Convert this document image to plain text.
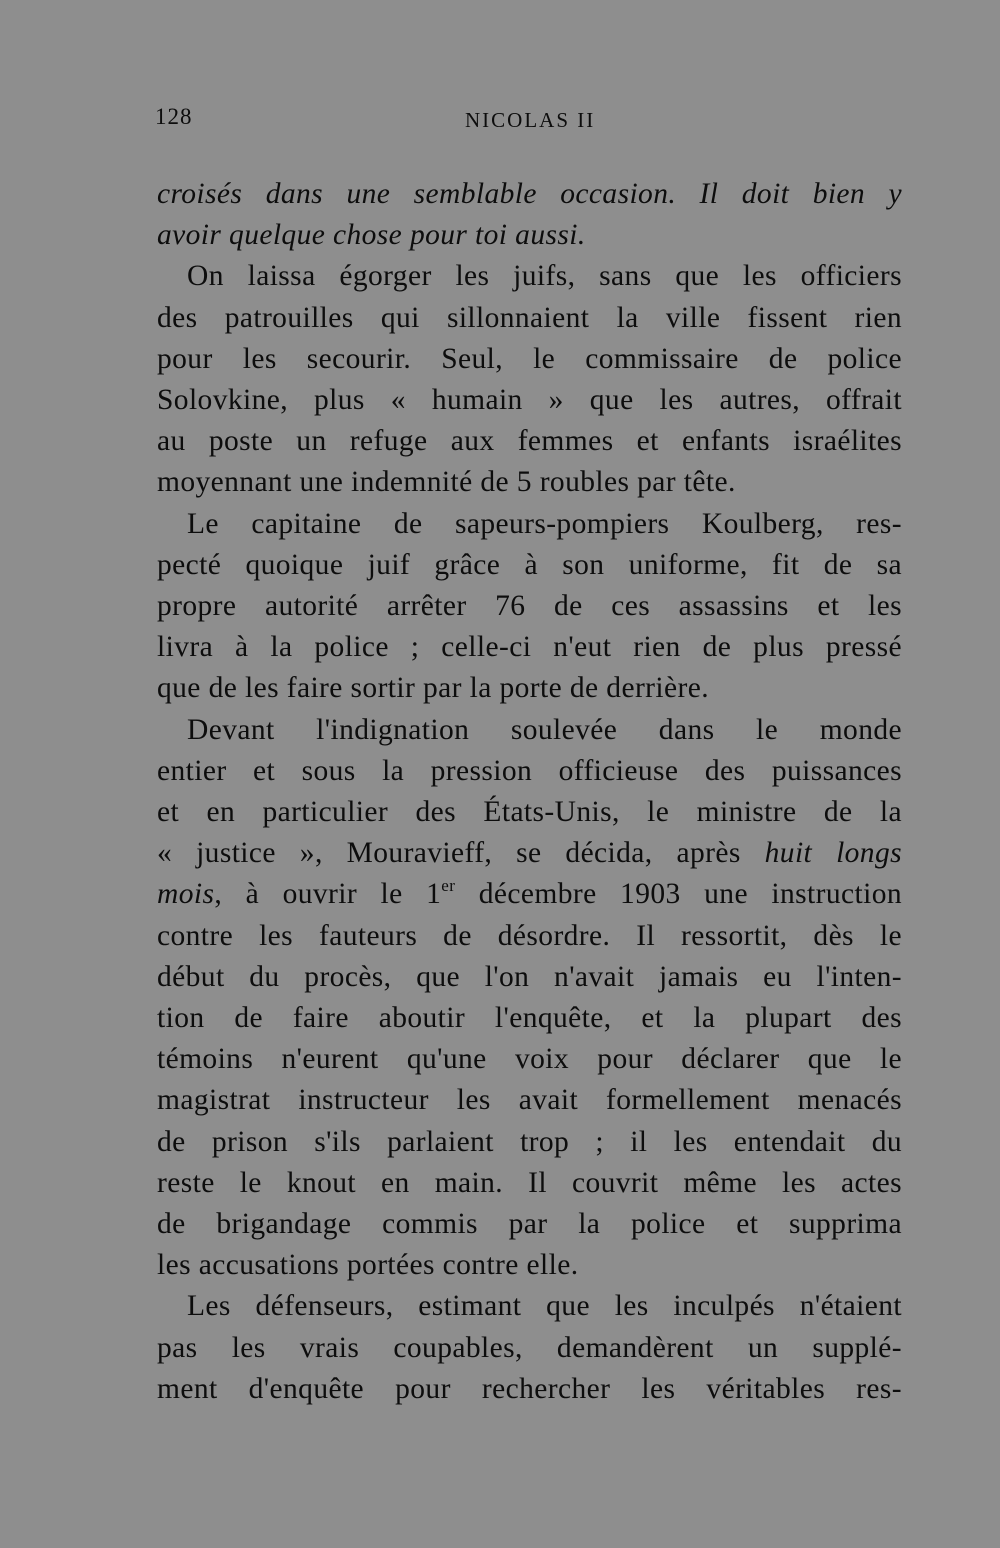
128	NICOLAS II
croisés dans une semblable occasion. Il doit bien y
avoir quelque chose pour toi aussi.
On laissa égorger les juifs, sans que les officiers
des patrouilles qui sillonnaient la ville fissent rien
pour les secourir. Seul, le commissaire de police
Solovkine, plus « humain » que les autres, offrait
au poste un refuge aux femmes et enfants israélites
moyennant une indemnité de 5 roubles par tête.
Le capitaine de sapeurs-pompiers Koulberg, res-
pecté quoique juif grâce à son uniforme, fit de sa
propre autorité arrêter 76 de ces assassins et les
livra à la police ; celle-ci n'eut rien de plus pressé
que de les faire sortir par la porte de derrière.
Devant l'indignation soulevée dans le monde
entier et sous la pression officieuse des puissances
et en particulier des États-Unis, le ministre de la
« justice », Mouravieff, se décida, après huit longs
mois, à ouvrir le 1er décembre 1903 une instruction
contre les fauteurs de désordre. Il ressortit, dès le
début du procès, que l'on n'avait jamais eu l'inten-
tion de faire aboutir l'enquête, et la plupart des
témoins n'eurent qu'une voix pour déclarer que le
magistrat instructeur les avait formellement menacés
de prison s'ils parlaient trop ; il les entendait du
reste le knout en main. Il couvrit même les actes
de brigandage commis par la police et supprima
les accusations portées contre elle.
Les défenseurs, estimant que les inculpés n'étaient
pas les vrais coupables, demandèrent un supplé-
ment d'enquête pour rechercher les véritables res-
